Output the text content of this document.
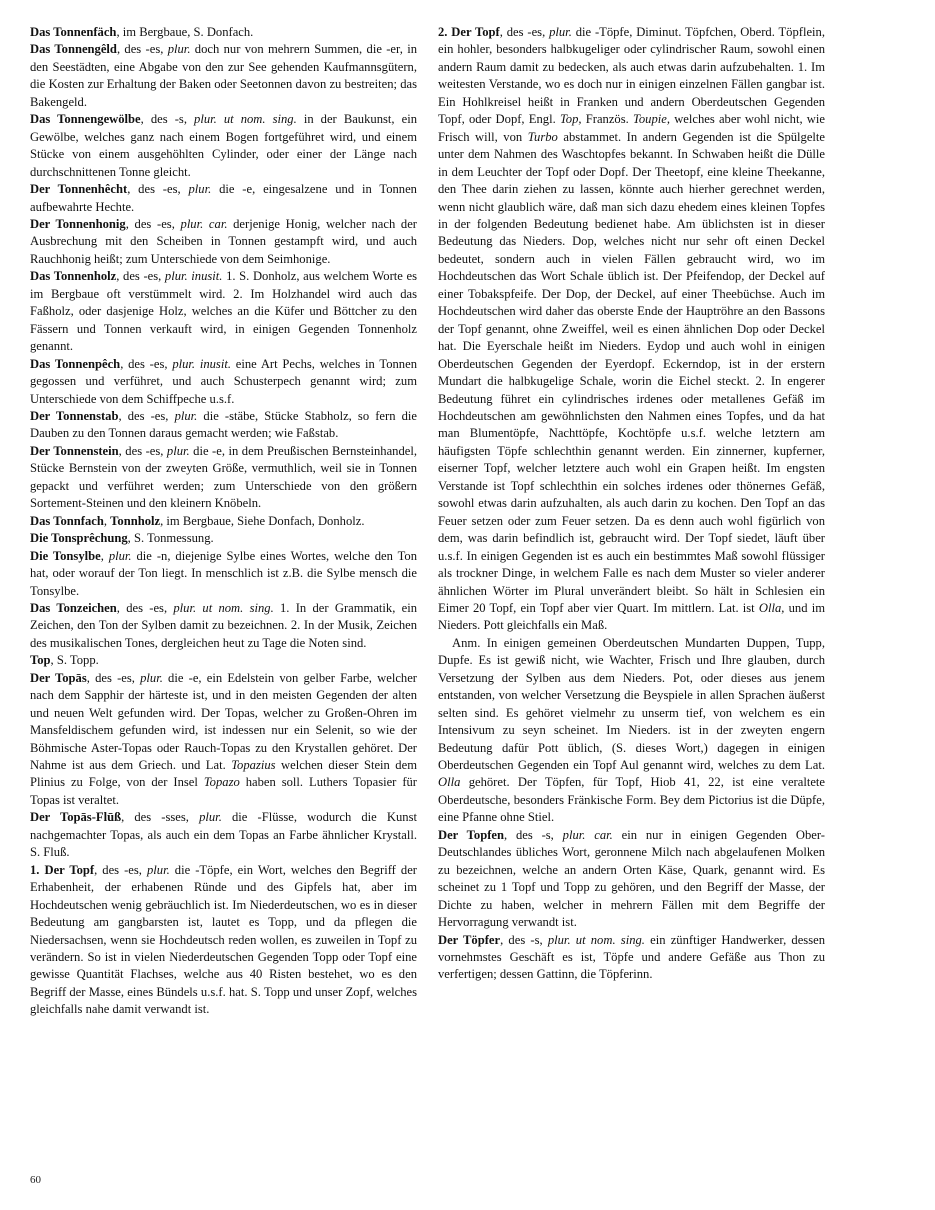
Das Tonnenfäch, im Bergbaue, S. Donfach.

Das Tonnengêld, des -es, plur. doch nur von mehrern Summen, die -er, in den Seestädten, eine Abgabe von den zur See gehenden Kaufmannsgütern, die Kosten zur Erhaltung der Baken oder Seetonnen davon zu bestreiten; das Bakengeld.

Das Tonnengewölbe, des -s, plur. ut nom. sing. in der Baukunst, ein Gewölbe, welches ganz nach einem Bogen fortgeführet wird, und einem Stücke von einem ausgehöhlten Cylinder, oder einer der Länge nach durchschnittenen Tonne gleicht.

Der Tonnenhêcht, des -es, plur. die -e, eingesalzene und in Tonnen aufbewahrte Hechte.

Der Tonnenhonig, des -es, plur. car. derjenige Honig, welcher nach der Ausbrechung mit den Scheiben in Tonnen gestampft wird, und auch Rauchhonig heißt; zum Unterschiede von dem Seimhonige.

Das Tonnenholz, des -es, plur. inusit. 1. S. Donholz, aus welchem Worte es im Bergbaue oft verstümmelt wird. 2. Im Holzhandel wird auch das Faßholz, oder dasjenige Holz, welches an die Küfer und Böttcher zu den Fässern und Tonnen verkauft wird, in einigen Gegenden Tonnenholz genannt.

Das Tonnenpêch, des -es, plur. inusit. eine Art Pechs, welches in Tonnen gegossen und verführet, und auch Schusterpech genannt wird; zum Unterschiede von dem Schiffpeche u.s.f.

Der Tonnenstab, des -es, plur. die -stäbe, Stücke Stabholz, so fern die Dauben zu den Tonnen daraus gemacht werden; wie Faßstab.

Der Tonnenstein, des -es, plur. die -e, in dem Preußischen Bernsteinhandel, Stücke Bernstein von der zweyten Größe, vermuthlich, weil sie in Tonnen gepackt und verführet werden; zum Unterschiede von den größern Sortement-Steinen und den kleinern Knöbeln.

Das Tonnfach, Tonnholz, im Bergbaue, Siehe Donfach, Donholz.

Die Tonsprêchung, S. Tonmessung.

Die Tonsylbe, plur. die -n, diejenige Sylbe eines Wortes, welche den Ton hat, oder worauf der Ton liegt. In menschlich ist z.B. die Sylbe mensch die Tonsylbe.

Das Tonzeichen, des -es, plur. ut nom. sing. 1. In der Grammatik, ein Zeichen, den Ton der Sylben damit zu bezeichnen. 2. In der Musik, Zeichen des musikalischen Tones, dergleichen heut zu Tage die Noten sind.

Top, S. Topp.

Der Topās, des -es, plur. die -e, ein Edelstein von gelber Farbe, welcher nach dem Sapphir der härteste ist, und in den meisten Gegenden der alten und neuen Welt gefunden wird. Der Topas, welcher zu Großen-Ohren im Mansfeldischem gefunden wird, ist indessen nur ein Selenit, so wie der Böhmische Aster-Topas oder Rauch-Topas zu den Krystallen gehöret. Der Nahme ist aus dem Griech. und Lat. Topazius welchen dieser Stein dem Plinius zu Folge, von der Insel Topazo haben soll. Luthers Topasier für Topas ist veraltet.

Der Topās-Flūß, des -sses, plur. die -Flüsse, wodurch die Kunst nachgemachter Topas, als auch ein dem Topas an Farbe ähnlicher Krystall. S. Fluß.

1. Der Topf, des -es, plur. die -Töpfe, ein Wort, welches den Begriff der Erhabenheit, der erhabenen Ründe und des Gipfels hat, aber im Hochdeutschen wenig gebräuchlich ist. Im Niederdeutschen, wo es in dieser Bedeutung am gangbarsten ist, lautet es Topp, und da pflegen die Niedersachsen, wenn sie Hochdeutsch reden wollen, es zuweilen in Topf zu verändern. So ist in vielen Niederdeutschen Gegenden Topp oder Topf eine gewisse Quantität Flachses, welche aus 40 Risten bestehet, wo es den Begriff der Masse, eines Bündels u.s.f. hat. S. Topp und unser Zopf, welches gleichfalls nahe damit verwandt ist.

2. Der Topf, des -es, plur. die -Töpfe, Diminut. Töpfchen, Oberd. Töpflein, ein hohler, besonders halbkugeliger oder cylindrischer Raum, sowohl einen andern Raum damit zu bedecken, als auch etwas darin aufzubehalten. 1. Im weitesten Verstande, wo es doch nur in einigen einzelnen Fällen gangbar ist. Ein Hohlkreisel heißt in Franken und andern Oberdeutschen Gegenden Topf, oder Dopf, Engl. Top, Französ. Toupie, welches aber wohl nicht, wie Frisch will, von Turbo abstammet. In andern Gegenden ist die Spülgelte unter dem Nahmen des Waschtopfes bekannt. In Schwaben heißt die Dülle in dem Leuchter der Topf oder Dopf. Der Theetopf, eine kleine Theekanne, den Thee darin ziehen zu lassen, könnte auch hierher gerechnet werden, wenn nicht glaublich wäre, daß man sich dazu ehedem eines kleinen Topfes in der folgenden Bedeutung bedienet habe. Am üblichsten ist in dieser Bedeutung das Nieders. Dop, welches nicht nur sehr oft einen Deckel bedeutet, sondern auch in vielen Fällen gebraucht wird, wo im Hochdeutschen das Wort Schale üblich ist. Der Pfeifendop, der Deckel auf einer Tobakspfeife. Der Dop, der Deckel, auf einer Theebüchse. Auch im Hochdeutschen wird daher das oberste Ende der Hauptröhre an den Bassons der Topf genannt, ohne Zweiffel, weil es einen ähnlichen Dop oder Deckel hat. Die Eyerschale heißt im Nieders. Eydop und auch wohl in einigen Oberdeutschen Gegenden der Eyerdopf. Eckerndop, ist in der erstern Mundart die halbkugelige Schale, worin die Eichel steckt. 2. In engerer Bedeutung führet ein cylindrisches irdenes oder metallenes Gefäß im Hochdeutschen am gewöhnlichsten den Nahmen eines Topfes, und da hat man Blumentöpfe, Nachttöpfe, Kochtöpfe u.s.f. welche letztern am häufigsten Töpfe schlechthin genannt werden. Ein zinnerner, kupferner, eiserner Topf, welcher letztere auch wohl ein Grapen heißt. Im engsten Verstande ist Topf schlechthin ein solches irdenes oder thönernes Gefäß, sowohl etwas darin aufzuhalten, als auch darin zu kochen. Den Topf an das Feuer setzen oder zum Feuer setzen. Da es denn auch wohl figürlich von dem, was darin befindlich ist, gebraucht wird. Der Topf siedet, läuft über u.s.f. In einigen Gegenden ist es auch ein bestimmtes Maß sowohl flüssiger als trockner Dinge, in welchem Falle es nach dem Muster so vieler anderer ähnlichen Wörter im Plural unverändert bleibt. So hält in Schlesien ein Eimer 20 Topf, ein Topf aber vier Quart. Im mittlern. Lat. ist Olla, und im Nieders. Pott gleichfalls ein Maß.

Anm. In einigen gemeinen Oberdeutschen Mundarten Duppen, Tupp, Dupfe. Es ist gewiß nicht, wie Wachter, Frisch und Ihre glauben, durch Versetzung der Sylben aus dem Nieders. Pot, oder dieses aus jenem entstanden, von welcher Versetzung die Beyspiele in allen Sprachen äußerst selten sind. Es gehöret vielmehr zu unserm tief, von welchem es ein Intensivum zu seyn scheinet. Im Nieders. ist in der zweyten engern Bedeutung dafür Pott üblich, (S. dieses Wort,) dagegen in einigen Oberdeutschen Gegenden ein Topf Aul genannt wird, welches zu dem Lat. Olla gehöret. Der Töpfen, für Topf, Hiob 41, 22, ist eine veraltete Oberdeutsche, besonders Fränkische Form. Bey dem Pictorius ist die Düpfe, eine Pfanne ohne Stiel.

Der Topfen, des -s, plur. car. ein nur in einigen Gegenden Ober-Deutschlandes übliches Wort, geronnene Milch nach abgelaufenen Molken zu bezeichnen, welche an andern Orten Käse, Quark, genannt wird. Es scheinet zu 1 Topf und Topp zu gehören, und den Begriff der Masse, der Dichte zu haben, welcher in mehrern Fällen mit dem Begriffe der Hervorragung verwandt ist.

Der Töpfer, des -s, plur. ut nom. sing. ein zünftiger Handwerker, dessen vornehmstes Geschäft es ist, Töpfe und andere Gefäße aus Thon zu verfertigen; dessen Gattinn, die Töpferinn.

60
